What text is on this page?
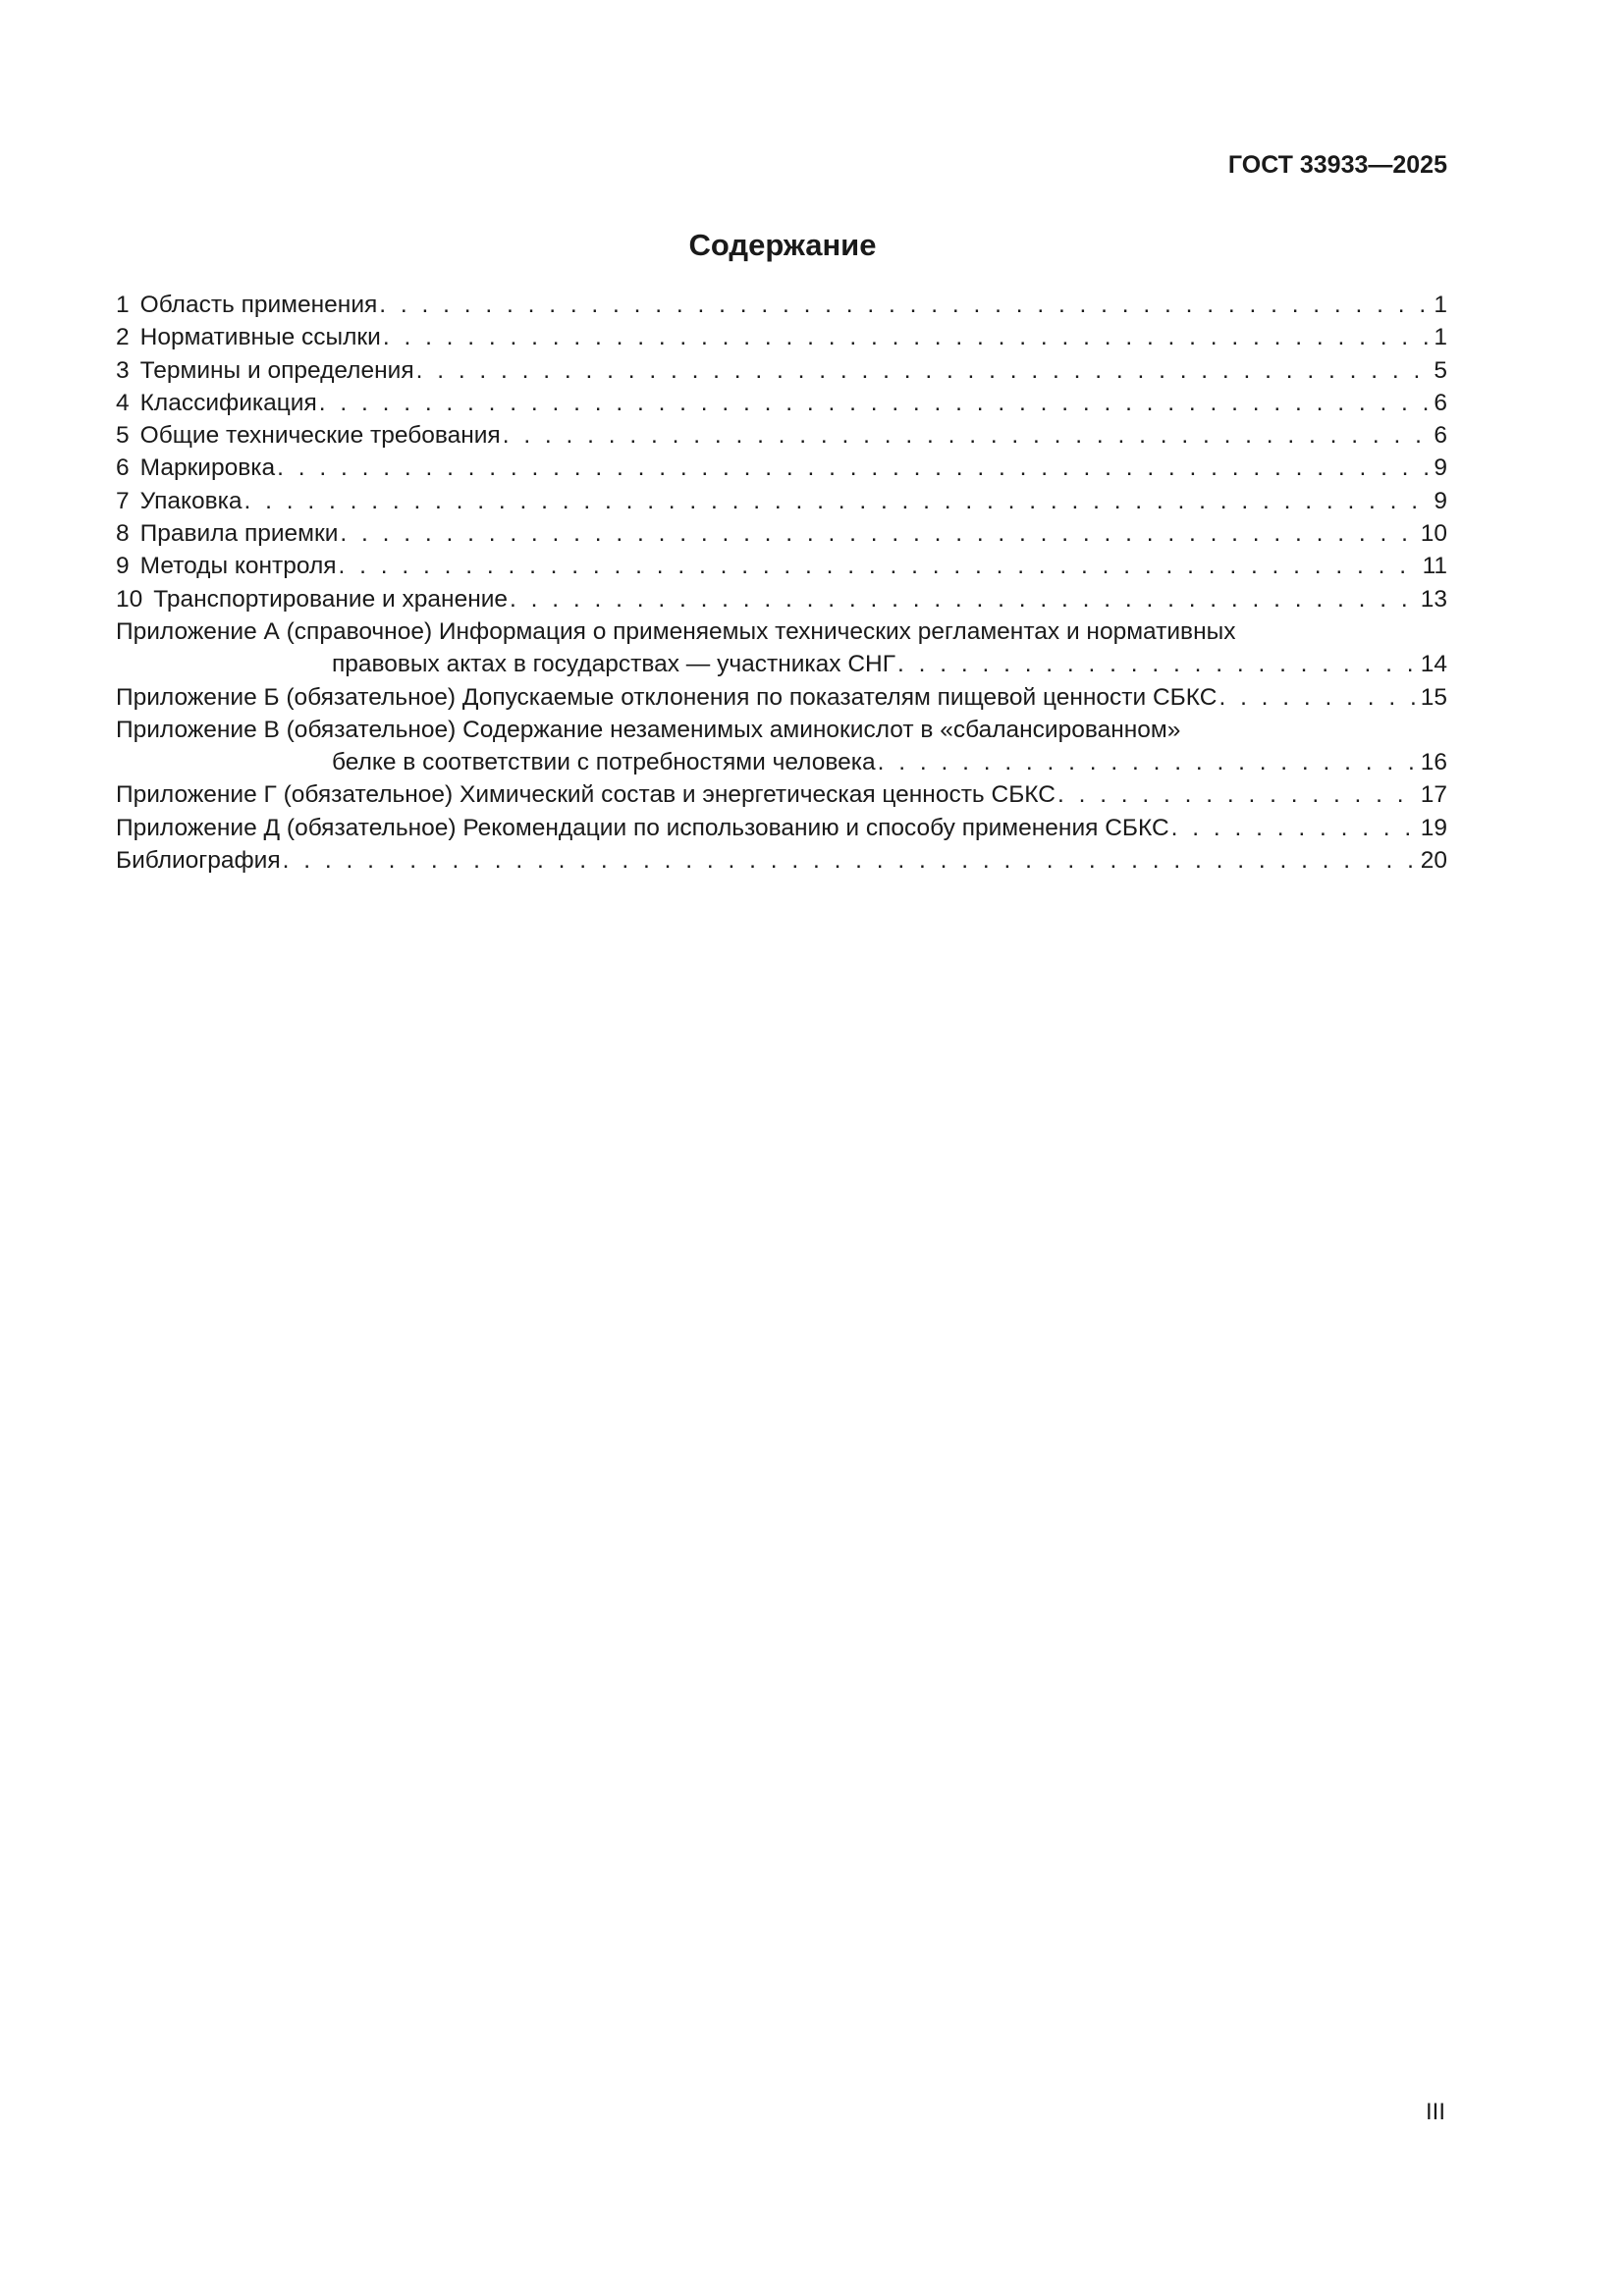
ГОСТ 33933—2025
Содержание
1 Область применения . . .	1
2 Нормативные ссылки . . .	1
3 Термины и определения . . .	5
4 Классификация . . .	6
5 Общие технические требования . . .	6
6 Маркировка . . .	9
7 Упаковка . . .	9
8 Правила приемки . . .	10
9 Методы контроля . . .	11
10 Транспортирование и хранение . . .	13
Приложение А (справочное) Информация о применяемых технических регламентах и нормативных
правовых актах в государствах — участниках СНГ . . .	14
Приложение Б (обязательное) Допускаемые отклонения по показателям пищевой ценности СБКС . . .	15
Приложение В (обязательное) Содержание незаменимых аминокислот в «сбалансированном»
белке в соответствии с потребностями человека . . .	16
Приложение Г (обязательное) Химический состав и энергетическая ценность СБКС . . .	17
Приложение Д (обязательное) Рекомендации по использованию и способу применения СБКС . . .	19
Библиография . . .	20
III
